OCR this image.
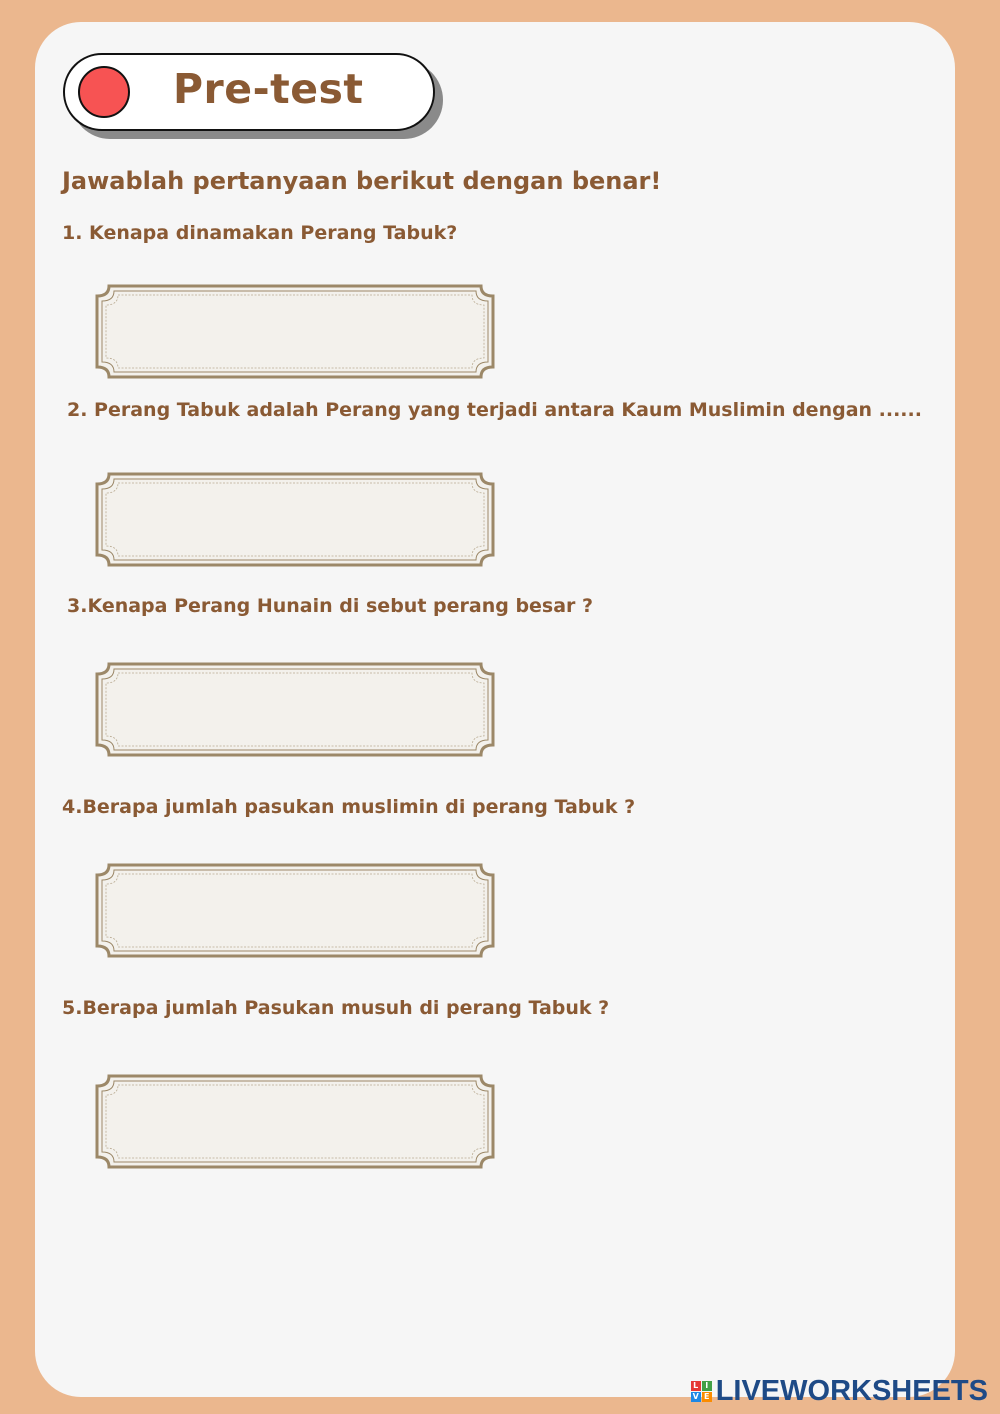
Pre-test
Jawablah pertanyaan berikut dengan benar!
1. Kenapa dinamakan Perang Tabuk?
2. Perang Tabuk adalah Perang yang terjadi antara Kaum Muslimin dengan ......
3.Kenapa Perang Hunain di sebut perang besar ?
4.Berapa jumlah pasukan muslimin di perang Tabuk ?
5.Berapa jumlah Pasukan musuh di perang Tabuk ?
L I
V E LIVEWORKSHEETS
